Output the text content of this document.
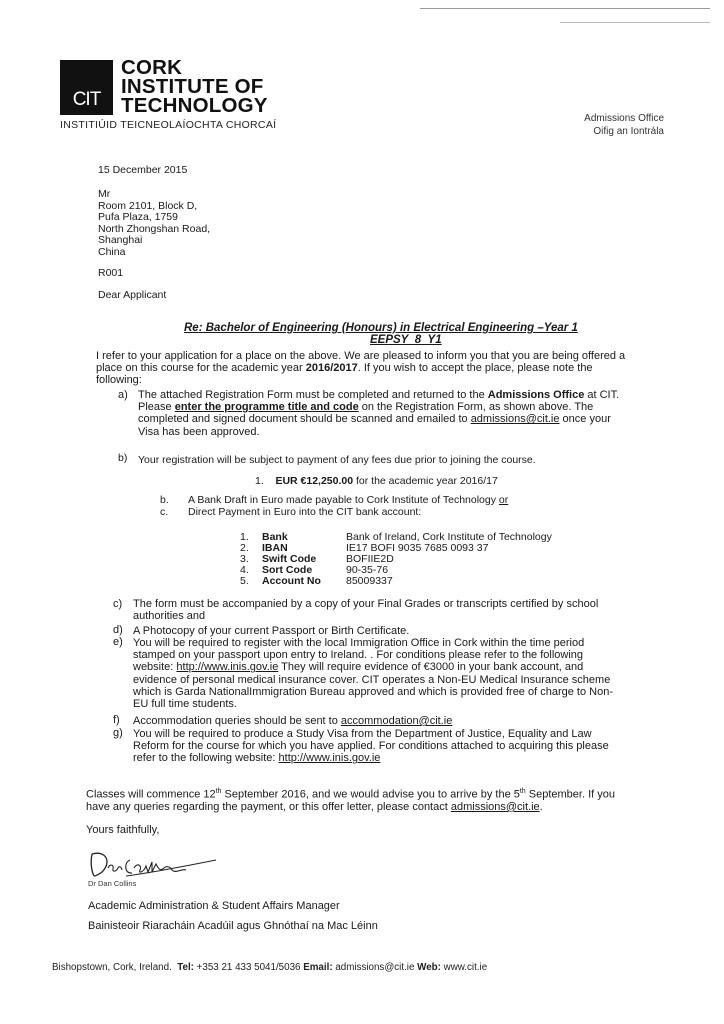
CIT
CORK
INSTITUTE OF
TECHNOLOGY
INSTITIÚID TEICNEOLAÍOCHTA CHORCAÍ
Admissions Office
Oifig an Iontrála
15 December 2015
Mr
Room 2101, Block D,
Pufa Plaza, 1759
North Zhongshan Road,
Shanghai
China
R001
Dear Applicant
Re: Bachelor of Engineering (Honours) in Electrical Engineering –Year 1
EEPSY_8_Y1
I refer to your application for a place on the above. We are pleased to inform you that you are being offered a place on this course for the academic year 2016/2017. If you wish to accept the place, please note the following:
a) The attached Registration Form must be completed and returned to the Admissions Office at CIT. Please enter the programme title and code on the Registration Form, as shown above. The completed and signed document should be scanned and emailed to admissions@cit.ie once your Visa has been approved.
b) Your registration will be subject to payment of any fees due prior to joining the course.
1. EUR €12,250.00 for the academic year 2016/17
b. A Bank Draft in Euro made payable to Cork Institute of Technology or
c. Direct Payment in Euro into the CIT bank account:
1.	Bank	Bank of Ireland, Cork Institute of Technology
2.	IBAN	IE17 BOFI 9035 7685 0093 37
3.	Swift Code	BOFIIE2D
4.	Sort Code	90-35-76
5.	Account No	85009337
c) The form must be accompanied by a copy of your Final Grades or transcripts certified by school authorities and
d) A Photocopy of your current Passport or Birth Certificate.
e) You will be required to register with the local Immigration Office in Cork within the time period stamped on your passport upon entry to Ireland. . For conditions please refer to the following website: http://www.inis.gov.ie They will require evidence of €3000 in your bank account, and evidence of personal medical insurance cover. CIT operates a Non-EU Medical Insurance scheme which is Garda NationalImmigration Bureau approved and which is provided free of charge to Non-EU full time students.
f) Accommodation queries should be sent to accommodation@cit.ie
g) You will be required to produce a Study Visa from the Department of Justice, Equality and Law Reform for the course for which you have applied. For conditions attached to acquiring this please refer to the following website: http://www.inis.gov.ie
Classes will commence 12th September 2016, and we would advise you to arrive by the 5th September. If you have any queries regarding the payment, or this offer letter, please contact admissions@cit.ie.
Yours faithfully,
Dr Dan Collins
Academic Administration & Student Affairs Manager
Bainisteoir Riaracháin Acadúil agus Ghnóthaí na Mac Léinn
Bishopstown, Cork, Ireland. Tel: +353 21 433 5041/5036 Email: admissions@cit.ie Web: www.cit.ie
